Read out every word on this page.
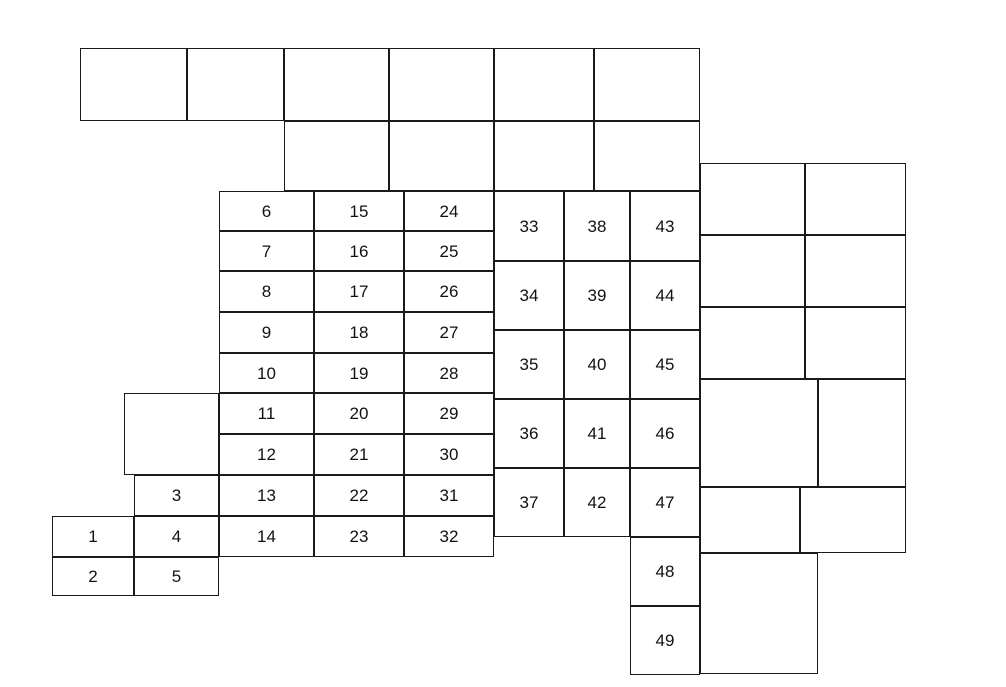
6
7
8
9
10
11
12
13
14
15
16
17
18
19
20
21
22
23
24
25
26
27
28
29
30
31
32
33
34
35
36
37
38
39
40
41
42
43
44
45
46
47
48
49
3
4
5
1
2
